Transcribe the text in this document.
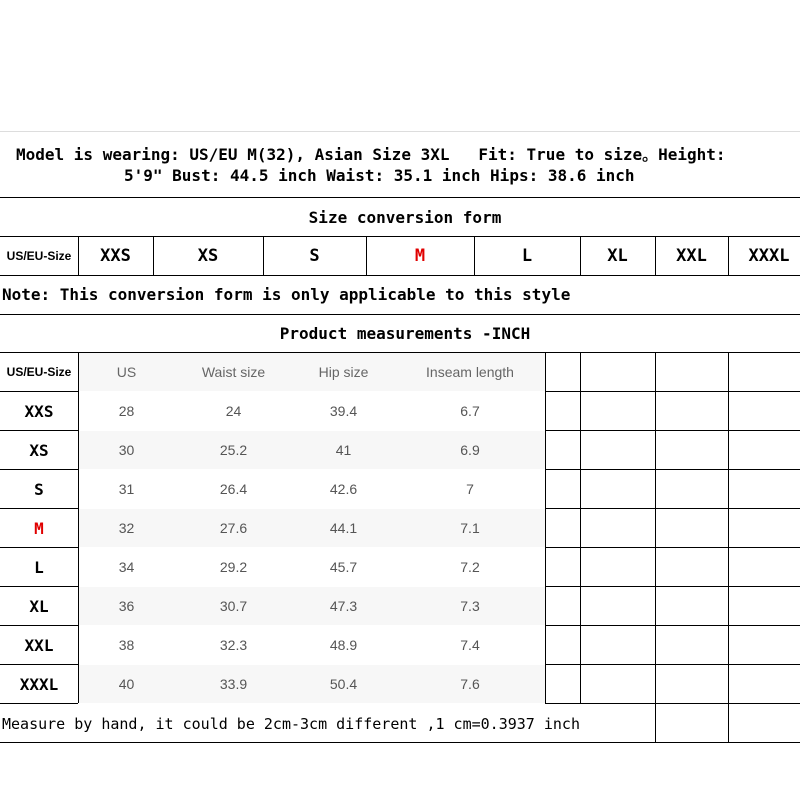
Model is wearing: US/EU M(32), Asian Size 3XL   Fit: True to size。Height:
5'9" Bust: 44.5 inch Waist: 35.1 inch Hips: 38.6 inch
Size conversion form
US/EU-Size	XXS	XS	S	M	L	XL	XXL	XXXL
Note: This conversion form is only applicable to this style
Product measurements -INCH
US/EU-Size	US	Waist size	Hip size	Inseam length
XXS	28	24	39.4	6.7
XS	30	25.2	41	6.9
S	31	26.4	42.6	7
M	32	27.6	44.1	7.1
L	34	29.2	45.7	7.2
XL	36	30.7	47.3	7.3
XXL	38	32.3	48.9	7.4
XXXL	40	33.9	50.4	7.6
Measure by hand, it could be 2cm-3cm different ,1 cm=0.3937 inch
